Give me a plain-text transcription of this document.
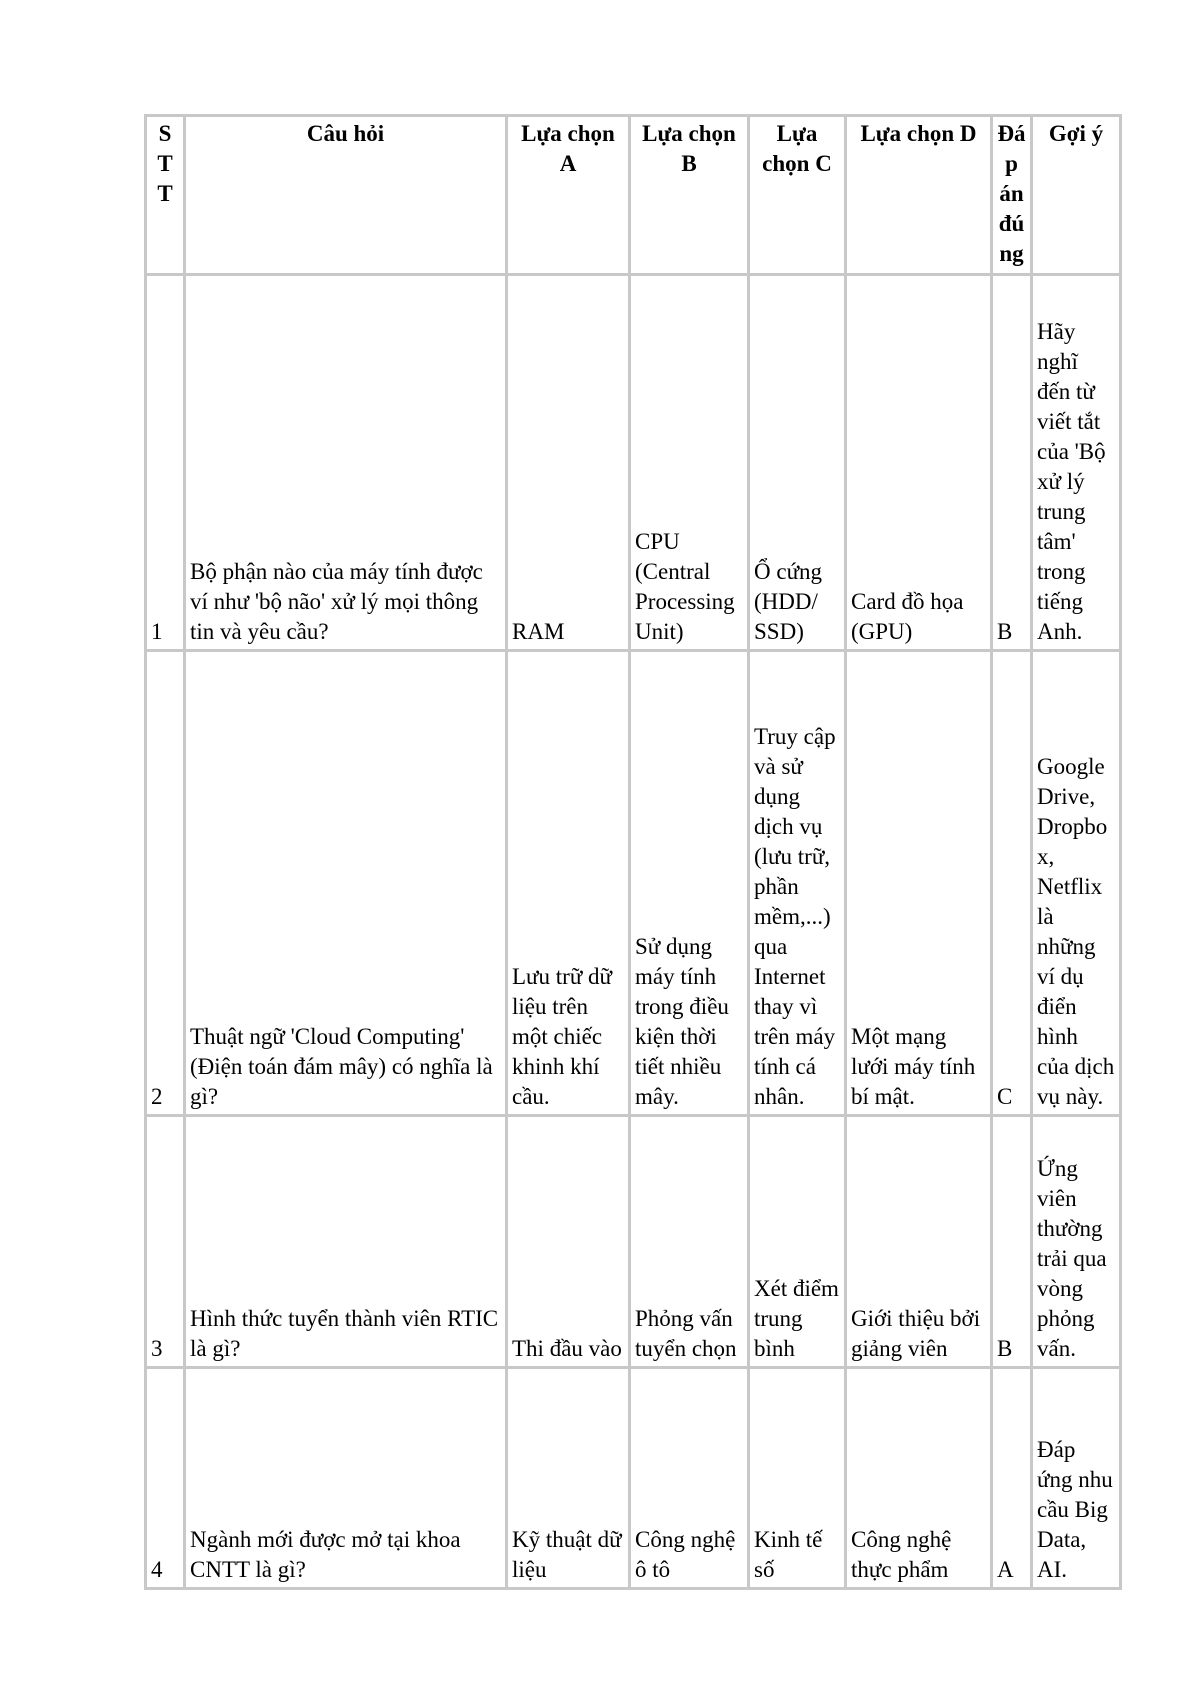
STT	Câu hỏi	Lựa chọn A	Lựa chọn B	Lựa chọn C	Lựa chọn D	Đáp án đúng	Gợi ý
1	Bộ phận nào của máy tính được ví như 'bộ não' xử lý mọi thông tin và yêu cầu?	RAM	CPU (Central Processing Unit)	Ổ cứng (HDD/ SSD)	Card đồ họa (GPU)	B	Hãy nghĩ đến từ viết tắt của 'Bộ xử lý trung tâm' trong tiếng Anh.
2	Thuật ngữ 'Cloud Computing' (Điện toán đám mây) có nghĩa là gì?	Lưu trữ dữ liệu trên một chiếc khinh khí cầu.	Sử dụng máy tính trong điều kiện thời tiết nhiều mây.	Truy cập và sử dụng dịch vụ (lưu trữ, phần mềm,...) qua Internet thay vì trên máy tính cá nhân.	Một mạng lưới máy tính bí mật.	C	Google Drive, Dropbox, Netflix là những ví dụ điển hình của dịch vụ này.
3	Hình thức tuyển thành viên RTIC là gì?	Thi đầu vào	Phỏng vấn tuyển chọn	Xét điểm trung bình	Giới thiệu bởi giảng viên	B	Ứng viên thường trải qua vòng phỏng vấn.
4	Ngành mới được mở tại khoa CNTT là gì?	Kỹ thuật dữ liệu	Công nghệ ô tô	Kinh tế số	Công nghệ thực phẩm	A	Đáp ứng nhu cầu Big Data, AI.
